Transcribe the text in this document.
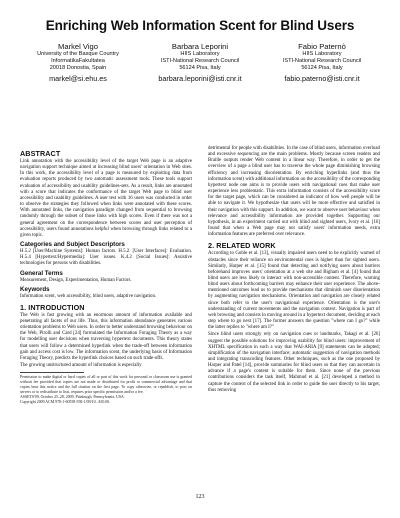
Enriching Web Information Scent for Blind Users
Markel Vigo
University of the Basque Country
InformatikaFakultatea
20018 Donostia, Spain
markel@si.ehu.es
Barbara Leporini
HIIS Laboratory
ISTI-National Research Council
56124 Pisa, Italy
barbara.leporini@isti.cnr.it
Fabio Paternò
HIIS Laboratory
ISTI-National Research Council
56124 Pisa, Italy
fabio.paterno@isti.cnr.it
ABSTRACT

Link annotation with the accessibility level of the target Web page is an adaptive navigation support technique aimed at increasing blind users' orientation in Web sites. In this work, the accessibility level of a page is measured by exploiting data from evaluation reports produced by two automatic assessment tools. These tools support evaluation of accessibility and usability guidelines-sets. As a result, links are annotated with a score that indicates the conformance of the target Web page to blind user accessibility and usability guidelines. A user test with 16 users was conducted in order to observe the strategies they followed when links were annotated with these scores. With annotated links, the navigation paradigm changed from sequential to browsing randomly through the subset of those links with high scores. Even if there was not a general agreement on the correspondence between scores and user perception of accessibility, users found annotations helpful when browsing through links related to a given topic.

Categories and Subject Descriptors

H.5.2 [User/Machine Systems]: Human factors. H.5.2. [User Interfaces]: Evaluation. H.5.4 [Hypertext/Hypermedia]: User issues. K.4.2 [Social Issues]: Assistive technologies for persons with disabilities.

General Terms

Measurement, Design, Experimentation, Human Factors.

Keywords

Information scent, web accessibility, blind users, adaptive navigation.

1. INTRODUCTION

The Web is fast growing with an enormous amount of information available and penetrating all facets of our life. Thus, this information abundance generates various orientation problems to Web users. In order to better understand browsing behaviour on the Web, Pirolli and Card [24] formulated the Information Foraging Theory as a way for modelling user decisions when traversing hypertext documents. This theory states that users will follow a determined hyperlink when the trade-off between information gain and access cost is low. The information scent, the underlying basis of Information Foraging Theory, predicts the hyperlink choices based on such trade-offs.

The growing unstructured amount of information is especially

Permission to make digital or hard copies of all or part of this work for personal or classroom use is granted without fee provided that copies are not made or distributed for profit or commercial advantage and that copies bear this notice and the full citation on the first page. To copy otherwise, or republish, to post on servers or to redistribute to lists, requires prior specific permission and/or a fee.

ASSETS'09, October 25–28, 2009, Pittsburgh, Pennsylvania, USA.

Copyright 2009 ACM 978-1-60558-558-1/09/10...$10.00.

detrimental for people with disabilities. In the case of blind users, information overload and excessive sequencing are the main problems. Mostly because screen readers and Braille outputs render Web content in a linear way. Therefore, in order to get the overview of a page a blind user has to traverse the whole page diminishing browsing efficiency and increasing disorientation. By enriching hyperlinks (and thus the information scent) with additional information on the accessibility of the corresponding hypertext node one aims is to provide users with navigational cues that make user experience less problematic. This extra information consists of the accessibility score for the target page, which can be considered an indicator of how well people will be able to navigate it. We hypothesize that users will be more effective and satisfied in their navigation with this support. In addition, we want to observe user behaviour when relevance and accessibility information are provided together. Supporting our hypothesis, in an experiment carried out with blind and sighted users, Ivory et al. [16] found that when a Web page may not satisfy users' information needs, extra information features are preferred over relevance.

2. RELATED WORK

According to Goble et al. [13], visually impaired users need to be explicitly warned of obstacles since their reliance on environmental cues is higher than for sighted users. Similarly, Harper et al. [15] found that detecting and notifying users about barriers beforehand improves users' orientation at a web site and Bigham et al. [4] found that blind users are less likely to interact with non-accessible content. Therefore, warning blind users about forthcoming barriers may enhance their user experience. The above-mentioned outcomes lead us to provide mechanisms that diminish user disorientation by augmenting navigation mechanisms. Orientation and navigation are closely related since both refer to the user's navigational experience. Orientation is the user's understanding of current movements and the navigation context. Navigation is part of web browsing and consists in moving around in a hypertext document, deciding at each step where to go next [17]. The former answers the question "where can I go?" while the latter replies to "where am I?"

Since blind users strongly rely on navigation cues or landmarks, Takagi et al. [26] suggest the possible solutions for improving usability for blind users: improvement of XHTML specification in such a way that WAI-ARIA [9] statements can be adopted; simplification of the navigation interface; automatic suggestion of navigation methods and integrating transcoding features. Other techniques, such as the one proposed by Harper and Patel [14], provide summaries for blind users so that they can ascertain in advance if a page's content is suitable for them. Since none of the previous contributions considers the task itself, Mahmud et al. [21] developed a method to capture the context of the selected link in order to guide the user directly to his target, thus removing

123
